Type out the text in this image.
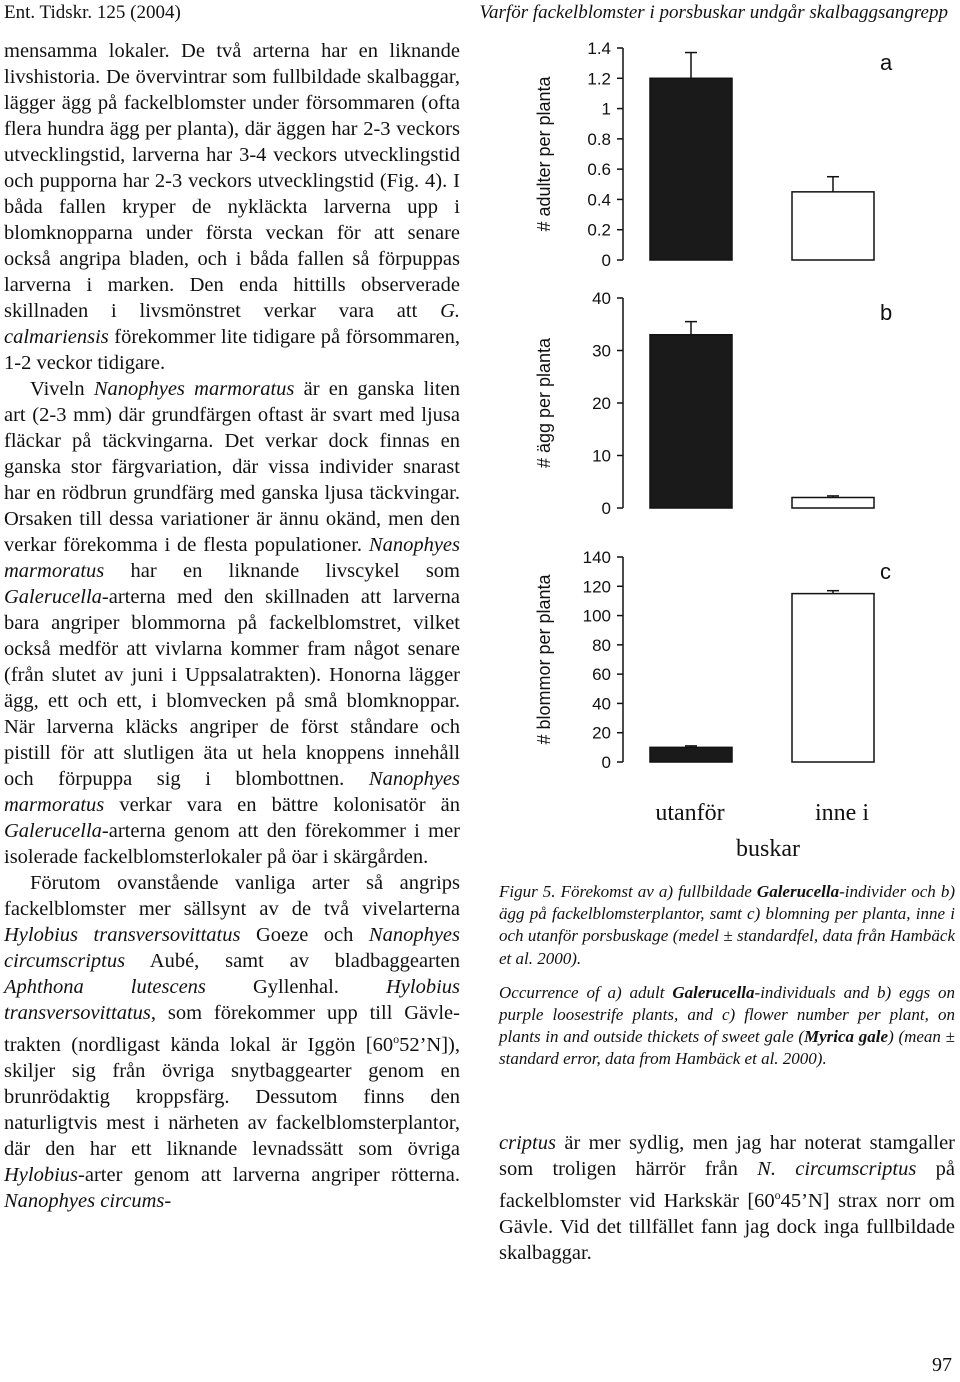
Ent. Tidskr. 125 (2004)	Varför fackelblomster i porsbuskar undgår skalbaggsangrepp

mensamma lokaler. De två arterna har en liknande livshistoria. De övervintrar som fullbildade skalbaggar, lägger ägg på fackelblomster under försommaren (ofta flera hundra ägg per planta), där äggen har 2-3 veckors utvecklingstid, larverna har 3-4 veckors utvecklingstid och pupporna har 2-3 veckors utvecklingstid (Fig. 4). I båda fallen kryper de nykläckta larverna upp i blomknopparna under första veckan för att senare också angripa bladen, och i båda fallen så förpuppas larverna i marken. Den enda hittills observerade skillnaden i livsmönstret verkar vara att G. calmariensis förekommer lite tidigare på försommaren, 1-2 veckor tidigare.

Viveln Nanophyes marmoratus är en ganska liten art (2-3 mm) där grundfärgen oftast är svart med ljusa fläckar på täckvingarna. Det verkar dock finnas en ganska stor färgvariation, där vissa individer snarast har en rödbrun grundfärg med ganska ljusa täckvingar. Orsaken till dessa variationer är ännu okänd, men den verkar förekomma i de flesta populationer. Nanophyes marmoratus har en liknande livscykel som Galerucella-arterna med den skillnaden att larverna bara angriper blommorna på fackelblomstret, vilket också medför att vivlarna kommer fram något senare (från slutet av juni i Uppsalatrakten). Honorna lägger ägg, ett och ett, i blomvecken på små blomknoppar. När larverna kläcks angriper de först ståndare och pistill för att slutligen äta ut hela knoppens innehåll och förpuppa sig i blombottnen. Nanophyes marmoratus verkar vara en bättre kolonisatör än Galerucella-arterna genom att den förekommer i mer isolerade fackelblomsterlokaler på öar i skärgården.

Förutom ovanstående vanliga arter så angrips fackelblomster mer sällsynt av de två vivelarterna Hylobius transversovittatus Goeze och Nanophyes circumscriptus Aubé, samt av bladbaggearten Aphthona lutescens Gyllenhal. Hylobius transversovittatus, som förekommer upp till Gävle-trakten (nordligast kända lokal är Iggön [60$^o$52’N]), skiljer sig från övriga snytbaggearter genom en brunrödaktig kroppsfärg. Dessutom finns den naturligtvis mest i närheten av fackelblomsterplantor, där den har ett liknande levnadssätt som övriga Hylobius-arter genom att larverna angriper rötterna. Nanophyes circums-

0
0.2
0.4
0.6
0.8
1
1.2
1.4
# adulter per planta
a
0
10
20
30
40
# ägg per planta
b
0
20
40
60
80
100
120
140
# blommor per planta
c
utanför	inne i
buskar

Figur 5. Förekomst av a) fullbildade Galerucella-individer och b) ägg på fackelblomsterplantor, samt c) blomning per planta, inne i och utanför porsbuskage (medel ± standardfel, data från Hambäck et al. 2000).

Occurrence of a) adult Galerucella-individuals and b) eggs on purple loosestrife plants, and c) flower number per plant, on plants in and outside thickets of sweet gale (Myrica gale) (mean ± standard error, data from Hambäck et al. 2000).

criptus är mer sydlig, men jag har noterat stamgaller som troligen härrör från N. circumscriptus på fackelblomster vid Harkskär [60$^o$45’N] strax norr om Gävle. Vid det tillfället fann jag dock inga fullbildade skalbaggar.

97
